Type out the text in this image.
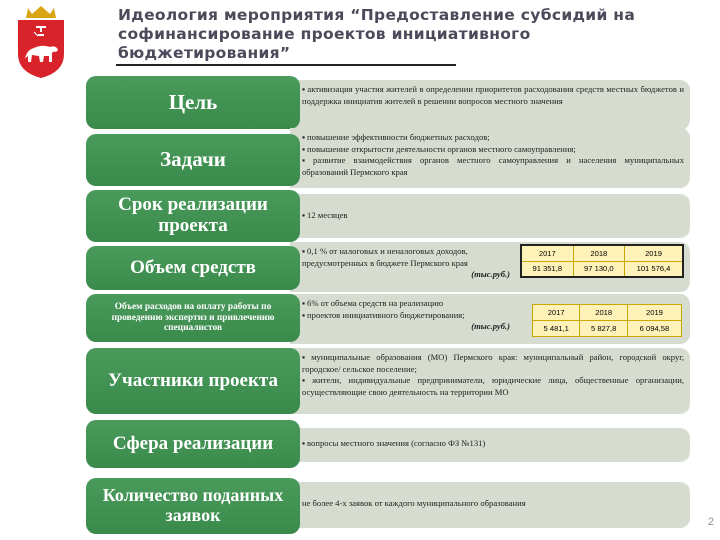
Идеология мероприятия “Предоставление субсидий на софинансирование проектов инициативного бюджетирования”
2

▪ активизация участия жителей в определении приоритетов расходования средств местных бюджетов и поддержка инициатив жителей в решении вопросов местного значения

Цель

▪ повышение эффективности бюджетных расходов;

▪ повышение открытости деятельности органов местного самоуправления;

▪ развитие взаимодействия органов местного самоуправления и населения муниципальных образований Пермского края

Задачи

▪ 12 месяцев

Срок реализации проекта

▪ 0,1 % от налоговых и неналоговых доходов, предусмотренных в бюджете Пермского края

(тыс.руб.)

2017	2018	2019
91 351,8	97 130,0	101 576,4
Объем средств

▪ 6% от объема средств на реализацию

▪ проектов инициативного бюджетирования;

(тыс.руб.)

2017	2018	2019
5 481,1	5 827,8	6 094,58
Объем расходов на оплату работы по проведению экспертиз и привлечению специалистов

▪ муниципальные образования (МО) Пермского края: муниципальный район, городской округ, городское/ сельское поселение;

▪ жители, индивидуальные предприниматели, юридические лица, общественные организации, осуществляющие свою деятельность на территории МО

Участники проекта

▪ вопросы местного значения (согласно ФЗ №131)

Сфера реализации

не более 4-х заявок от каждого муниципального образования

Количество поданных заявок
